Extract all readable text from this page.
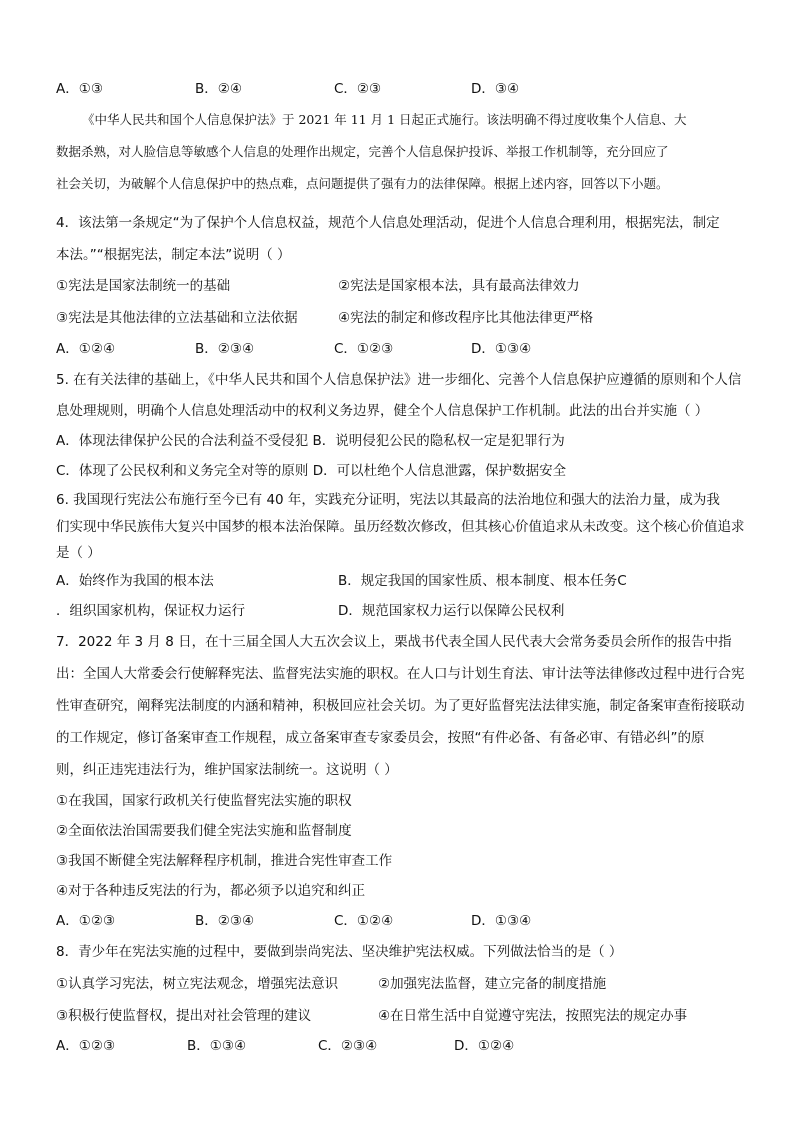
A．①③	B．②④	C．②③	D．③④
《中华人民共和国个人信息保护法》于 2021 年 11 月 1 日起正式施行。该法明确不得过度收集个人信息、大
数据杀熟，对人脸信息等敏感个人信息的处理作出规定，完善个人信息保护投诉、举报工作机制等，充分回应了
社会关切，为破解个人信息保护中的热点难，点问题提供了强有力的法律保障。根据上述内容，回答以下小题。
4．该法第一条规定“为了保护个人信息权益，规范个人信息处理活动，促进个人信息合理利用，根据宪法，制定
本法。”“根据宪法，制定本法”说明（ ）
①宪法是国家法制统一的基础	②宪法是国家根本法，具有最高法律效力
③宪法是其他法律的立法基础和立法依据	④宪法的制定和修改程序比其他法律更严格
A．①②④	B．②③④	C．①②③	D．①③④
5. 在有关法律的基础上，《中华人民共和国个人信息保护法》进一步细化、完善个人信息保护应遵循的原则和个人信
息处理规则，明确个人信息处理活动中的权利义务边界，健全个人信息保护工作机制。此法的出台并实施（ ）
A．体现法律保护公民的合法利益不受侵犯 B．说明侵犯公民的隐私权一定是犯罪行为
C．体现了公民权利和义务完全对等的原则 D．可以杜绝个人信息泄露，保护数据安全
6. 我国现行宪法公布施行至今已有 40 年，实践充分证明，宪法以其最高的法治地位和强大的法治力量，成为我
们实现中华民族伟大复兴中国梦的根本法治保障。虽历经数次修改，但其核心价值追求从未改变。这个核心价值追求
是（ ）
A．始终作为我国的根本法	B．规定我国的国家性质、根本制度、根本任务C
．组织国家机构，保证权力运行	D．规范国家权力运行以保障公民权利
7．2022 年 3 月 8 日，在十三届全国人大五次会议上，栗战书代表全国人民代表大会常务委员会所作的报告中指
出：全国人大常委会行使解释宪法、监督宪法实施的职权。在人口与计划生育法、审计法等法律修改过程中进行合宪
性审查研究，阐释宪法制度的内涵和精神，积极回应社会关切。为了更好监督宪法法律实施，制定备案审查衔接联动
的工作规定，修订备案审查工作规程，成立备案审查专家委员会，按照“有件必备、有备必审、有错必纠”的原
则，纠正违宪违法行为，维护国家法制统一。这说明（ ）
①在我国，国家行政机关行使监督宪法实施的职权
②全面依法治国需要我们健全宪法实施和监督制度
③我国不断健全宪法解释程序机制，推进合宪性审查工作
④对于各种违反宪法的行为，都必须予以追究和纠正
A．①②③	B．②③④	C．①②④	D．①③④
8．青少年在宪法实施的过程中，要做到崇尚宪法、坚决维护宪法权威。下列做法恰当的是（ ）
①认真学习宪法，树立宪法观念，增强宪法意识	②加强宪法监督，建立完备的制度措施
③积极行使监督权，提出对社会管理的建议	④在日常生活中自觉遵守宪法，按照宪法的规定办事
A．①②③	B．①③④	C．②③④	D．①②④
